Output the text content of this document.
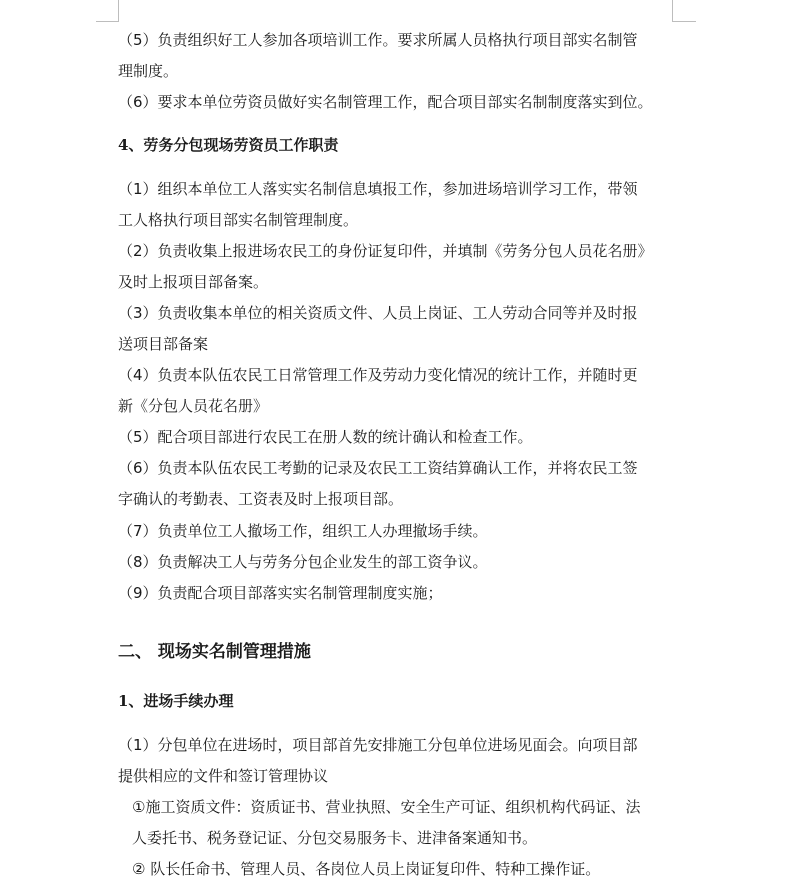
（5）负责组织好工人参加各项培训工作。要求所属人员格执行项目部实名制管
理制度。
（6）要求本单位劳资员做好实名制管理工作，配合项目部实名制制度落实到位。
4、劳务分包现场劳资员工作职责
（1）组织本单位工人落实实名制信息填报工作，参加进场培训学习工作，带领
工人格执行项目部实名制管理制度。
（2）负责收集上报进场农民工的身份证复印件，并填制《劳务分包人员花名册》
及时上报项目部备案。
（3）负责收集本单位的相关资质文件、人员上岗证、工人劳动合同等并及时报
送项目部备案
（4）负责本队伍农民工日常管理工作及劳动力变化情况的统计工作，并随时更
新《分包人员花名册》
（5）配合项目部进行农民工在册人数的统计确认和检查工作。
（6）负责本队伍农民工考勤的记录及农民工工资结算确认工作，并将农民工签
字确认的考勤表、工资表及时上报项目部。
（7）负责单位工人撤场工作，组织工人办理撤场手续。
（8）负责解决工人与劳务分包企业发生的部工资争议。
（9）负责配合项目部落实实名制管理制度实施；
二、 现场实名制管理措施
1、进场手续办理
（1）分包单位在进场时，项目部首先安排施工分包单位进场见面会。向项目部
提供相应的文件和签订管理协议
①施工资质文件：资质证书、营业执照、安全生产可证、组织机构代码证、法
人委托书、税务登记证、分包交易服务卡、进津备案通知书。
② 队长任命书、管理人员、各岗位人员上岗证复印件、特种工操作证。
